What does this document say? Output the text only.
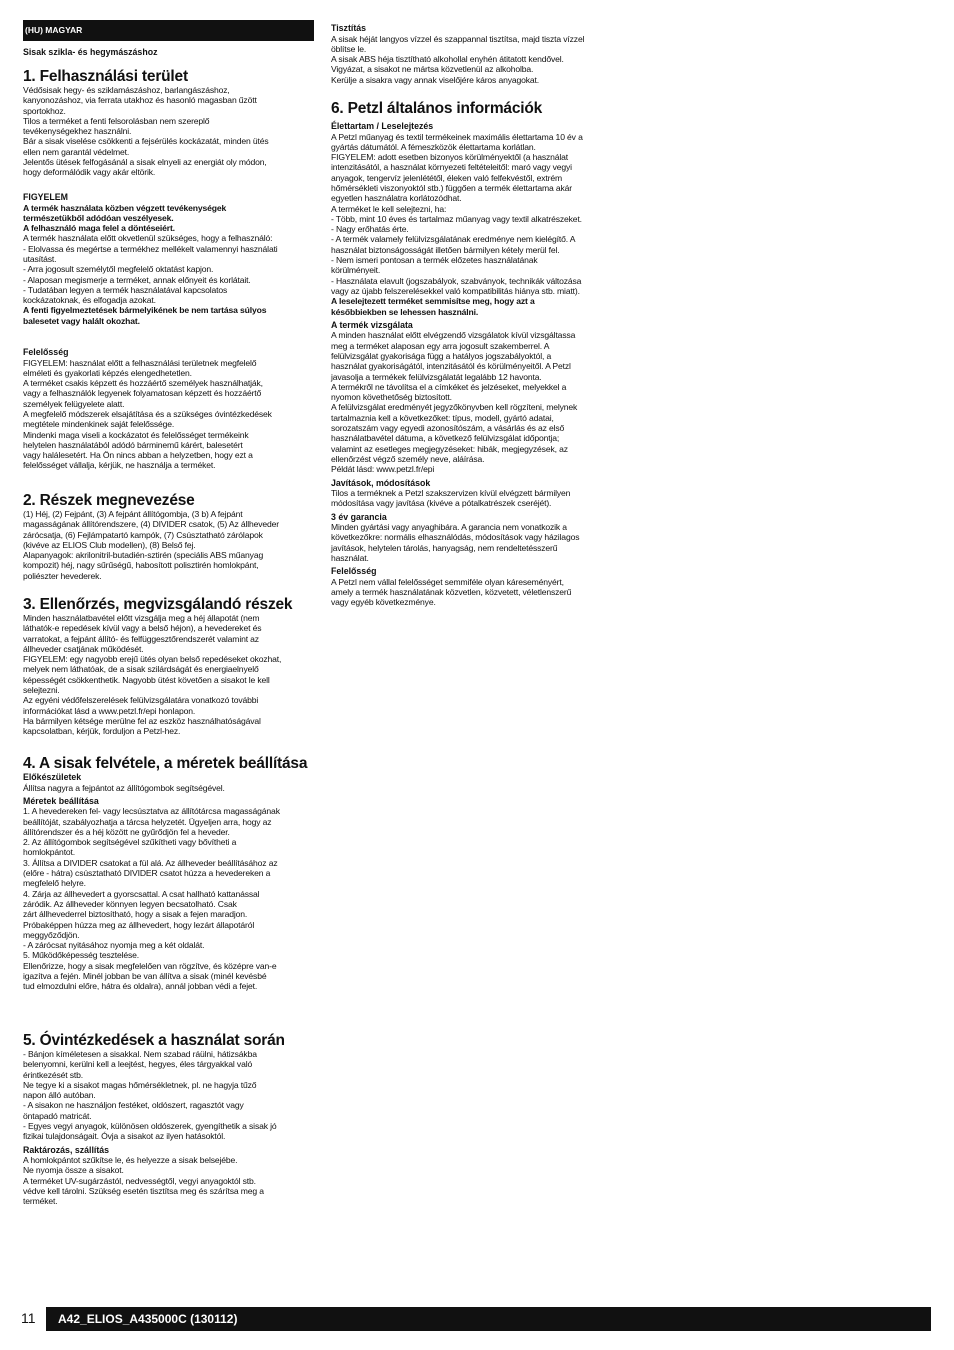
(HU) MAGYAR

Sisak szikla- és hegymászáshoz

1. Felhasználási terület

Védősisak hegy- és sziklamászáshoz, barlangászáshoz,

kanyonozáshoz, via ferrata utakhoz és hasonló magasban űzött

sportokhoz.

Tilos a terméket a fenti felsorolásban nem szereplő

tevékenységekhez használni.

Bár a sisak viselése csökkenti a fejsérülés kockázatát, minden ütés

ellen nem garantál védelmet.

Jelentős ütések felfogásánál a sisak elnyeli az energiát oly módon,

hogy deformálódik vagy akár eltörik.

FIGYELEM

A termék használata közben végzett tevékenységek

természetükből adódóan veszélyesek.

A felhasználó maga felel a döntéseiért.

A termék használata előtt okvetlenül szükséges, hogy a felhasználó:

- Elolvassa és megértse a termékhez mellékelt valamennyi használati

utasítást.

- Arra jogosult személytől megfelelő oktatást kapjon.

- Alaposan megismerje a terméket, annak előnyeit és korlátait.

- Tudatában legyen a termék használatával kapcsolatos

kockázatoknak, és elfogadja azokat.

A fenti figyelmeztetések bármelyikének be nem tartása súlyos

balesetet vagy halált okozhat.

Felelősség

FIGYELEM: használat előtt a felhasználási területnek megfelelő

elméleti és gyakorlati képzés elengedhetetlen.

A terméket csakis képzett és hozzáértő személyek használhatják,

vagy a felhasználók legyenek folyamatosan képzett és hozzáértő

személyek felügyelete alatt.

A megfelelő módszerek elsajátítása és a szükséges óvintézkedések

megtétele mindenkinek saját felelőssége.

Mindenki maga viseli a kockázatot és felelősséget termékeink

helytelen használatából adódó bárminemű kárért, balesetért

vagy halálesetért. Ha Ön nincs abban a helyzetben, hogy ezt a

felelősséget vállalja, kérjük, ne használja a terméket.

2. Részek megnevezése

(1) Héj, (2) Fejpánt, (3) A fejpánt állítógombja, (3 b) A fejpánt

magasságának állítórendszere, (4) DIVIDER csatok, (5) Az állheveder

zárócsatja, (6) Fejlámpatartó kampók, (7) Csúsztatható zárólapok

(kivéve az ELIOS Club modellen), (8) Belső fej.

Alapanyagok: akrilonitril-butadién-sztirén (speciális ABS műanyag

kompozit) héj, nagy sűrűségű, habosított polisztirén homlokpánt,

poliészter hevederek.

3. Ellenőrzés, megvizsgálandó részek

Minden használatbavétel előtt vizsgálja meg a héj állapotát (nem

láthatók-e repedések kívül vagy a belső héjon), a hevedereket és

varratokat, a fejpánt állító- és felfüggesztőrendszerét valamint az

állheveder csatjának működését.

FIGYELEM: egy nagyobb erejű ütés olyan belső repedéseket okozhat,

melyek nem láthatóak, de a sisak szilárdságát és energiaelnyelő

képességét csökkenthetik. Nagyobb ütést követően a sisakot le kell

selejtezni.

Az egyéni védőfelszerelések felülvizsgálatára vonatkozó további

információkat lásd a www.petzl.fr/epi honlapon.

Ha bármilyen kétsége merülne fel az eszköz használhatóságával

kapcsolatban, kérjük, forduljon a Petzl-hez.

4. A sisak felvétele, a méretek beállítása

Előkészületek

Állítsa nagyra a fejpántot az állítógombok segítségével.

Méretek beállítása

1. A hevedereken fel- vagy lecsúsztatva az állítótárcsa magasságának

beállítóját, szabályozhatja a tárcsa helyzetét. Ügyeljen arra, hogy az

állítórendszer és a héj között ne gyűrődjön fel a heveder.

2. Az állítógombok segítségével szűkítheti vagy bővítheti a

homlokpántot.

3. Állítsa a DIVIDER csatokat a fül alá. Az állheveder beállításához az

(előre - hátra) csúsztatható DIVIDER csatot húzza a hevedereken a

megfelelő helyre.

4. Zárja az állhevedert a gyorscsattal. A csat hallható kattanással

záródik. Az állheveder könnyen legyen becsatolható. Csak

zárt állhevederrel biztosítható, hogy a sisak a fejen maradjon.

Próbaképpen húzza meg az állhevedert, hogy lezárt állapotáról

meggyőződjön.

- A zárócsat nyitásához nyomja meg a két oldalát.

5. Működőképesség tesztelése.

Ellenőrizze, hogy a sisak megfelelően van rögzítve, és középre van-e

igazítva a fején. Minél jobban be van állítva a sisak (minél kevésbé

tud elmozdulni előre, hátra és oldalra), annál jobban védi a fejet.

5. Óvintézkedések a használat során

- Bánjon kíméletesen a sisakkal. Nem szabad ráülni, hátizsákba

belenyomni, kerülni kell a leejtést, hegyes, éles tárgyakkal való

érintkezését stb.

Ne tegye ki a sisakot magas hőmérsékletnek, pl. ne hagyja tűző

napon álló autóban.

- A sisakon ne használjon festéket, oldószert, ragasztót vagy

öntapadó matricát.

- Egyes vegyi anyagok, különösen oldószerek, gyengíthetik a sisak jó

fizikai tulajdonságait. Óvja a sisakot az ilyen hatásoktól.

Raktározás, szállítás

A homlokpántot szűkítse le, és helyezze a sisak belsejébe.

Ne nyomja össze a sisakot.

A terméket UV-sugárzástól, nedvességtől, vegyi anyagoktól stb.

védve kell tárolni. Szükség esetén tisztítsa meg és szárítsa meg a

terméket.

Tisztítás

A sisak héját langyos vízzel és szappannal tisztítsa, majd tiszta vízzel

öblítse le.

A sisak ABS héja tisztítható alkohollal enyhén átitatott kendővel.

Vigyázat, a sisakot ne mártsa közvetlenül az alkoholba.

Kerülje a sisakra vagy annak viselőjére káros anyagokat.

6. Petzl általános információk

Élettartam / Leselejtezés

A Petzl műanyag és textil termékeinek maximális élettartama 10 év a

gyártás dátumától. A fémeszközök élettartama korlátlan.

FIGYELEM: adott esetben bizonyos körülményektől (a használat

intenzitásától, a használat környezeti feltételeitől: maró vagy vegyi

anyagok, tengervíz jelenlététől, éleken való felfekvéstől, extrém

hőmérsékleti viszonyoktól stb.) függően a termék élettartama akár

egyetlen használatra korlátozódhat.

A terméket le kell selejtezni, ha:

- Több, mint 10 éves és tartalmaz műanyag vagy textil alkatrészeket.

- Nagy erőhatás érte.

- A termék valamely felülvizsgálatának eredménye nem kielégítő. A

használat biztonságosságát illetően bármilyen kétely merül fel.

- Nem ismeri pontosan a termék előzetes használatának

körülményeit.

- Használata elavult (jogszabályok, szabványok, technikák változása

vagy az újabb felszerelésekkel való kompatibilitás hiánya stb. miatt).

A leselejtezett terméket semmisítse meg, hogy azt a

későbbiekben se lehessen használni.

A termék vizsgálata

A minden használat előtt elvégzendő vizsgálatok kívül vizsgáltassa

meg a terméket alaposan egy arra jogosult szakemberrel. A

felülvizsgálat gyakorisága függ a hatályos jogszabályoktól, a

használat gyakoriságától, intenzitásától és körülményeitől. A Petzl

javasolja a termékek felülvizsgálatát legalább 12 havonta.

A termékről ne távolítsa el a címkéket és jelzéseket, melyekkel a

nyomon követhetőség biztosított.

A felülvizsgálat eredményét jegyzőkönyvben kell rögzíteni, melynek

tartalmaznia kell a következőket: típus, modell, gyártó adatai,

sorozatszám vagy egyedi azonosítószám, a vásárlás és az első

használatbavétel dátuma, a következő felülvizsgálat időpontja;

valamint az esetleges megjegyzéseket: hibák, megjegyzések, az

ellenőrzést végző személy neve, aláírása.

Példát lásd: www.petzl.fr/epi

Javítások, módosítások

Tilos a terméknek a Petzl szakszervizen kívül elvégzett bármilyen

módosítása vagy javítása (kivéve a pótalkatrészek cseréjét).

3 év garancia

Minden gyártási vagy anyaghibára. A garancia nem vonatkozik a

következőkre: normális elhasználódás, módosítások vagy házilagos

javítások, helytelen tárolás, hanyagság, nem rendeltetésszerű

használat.

Felelősség

A Petzl nem vállal felelősséget semmiféle olyan káreseményért,

amely a termék használatának közvetlen, közvetett, véletlenszerű

vagy egyéb következménye.

11	A42_ELIOS_A435000C (130112)
